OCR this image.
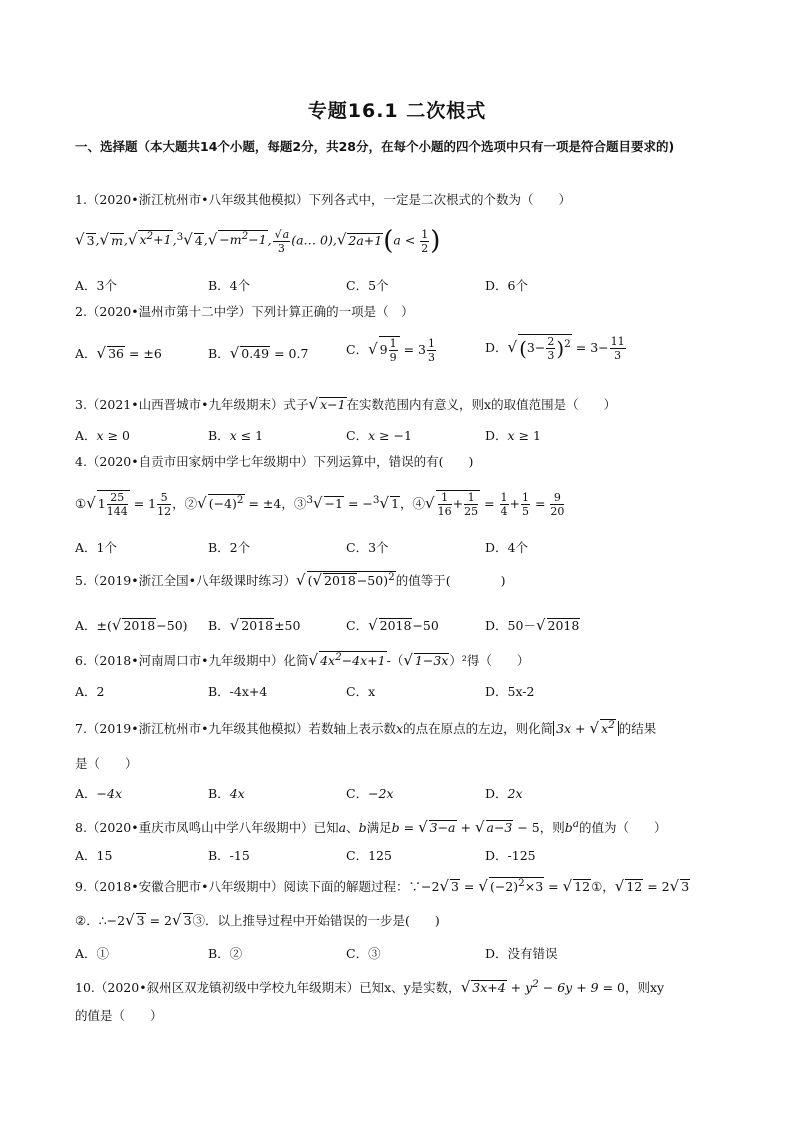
专题16.1 二次根式
一、选择题（本大题共14个小题，每题2分，共28分，在每个小题的四个选项中只有一项是符合题目要求的)
1.（2020•浙江杭州市•八年级其他模拟）下列各式中，一定是二次根式的个数为（　　）
√ 3,√ m,√ $x^2+1,^3√$ $4,√ -m^2-1$, $\frac{√a}{3}$ (a… 0),√ $2a+1(a < \frac{1}{2}$ )
A．3个	B．4个	C．5个	D．6个
2.（2020•温州市第十二中学）下列计算正确的一项是（　）
A．√ 36 = ±6	B．√ 0.49 = 0.7	C．√ $9 \frac{1}{9} = 3 \frac{1}{3}$	D．√ $(3- \frac{2}{3} )^2 = 3- \frac{11}{3}$
3.（2021•山西晋城市•九年级期末）式子√ x−1在实数范围内有意义，则x的取值范围是（　　）
A．x ≥ 0	B．x ≤ 1	C．x ≥ −1	D．x ≥ 1
4.（2020•自贡市田家炳中学七年级期中）下列运算中，错误的有(　　)
①√ $1 \frac{25}{144} = 1 \frac{5}{12}$ ，②√ $(-4)^2 = \pm 4$，③$^3$√ −1 = −$^3$√ 1，④√ $\frac{1}{16} + \frac{1}{25} = \frac{1}{4} + \frac{1}{5} = \frac{9}{20}$
A．1个	B．2个	C．3个	D．4个
5.（2019•浙江全国•八年级课时练习）√ (√ 2018−50)$^2$的值等于(　　　　)
A．±(√ 2018−50) B．√ 2018±50	C．√ 2018−50	D．50－√ 2018
6.（2018•河南周口市•九年级期中）化简√ $4x^2-4x+1-(√$ 1−3x）²得（　　）
A．2	B．-4x+4	C．x	D．5x-2
7.（2019•浙江杭州市•九年级其他模拟）若数轴上表示数x的点在原点的左边，则化简 3x + √ $x^2$ 的结果
是（　　）
A．−4x	B．4x	C．−2x	D．2x
8.（2020•重庆市凤鸣山中学八年级期中）已知a、b满足b = √ 3−a + √ a−3 − 5，则$b^a$的值为（　　）
A．15	B．-15	C．125	D．-125
9.（2018•安徽合肥市•八年级期中）阅读下面的解题过程：∵−2√ 3 = √ $(-2)^2\times 3$ = √ 12①，√ 12 = 2√ 3
②．∴−2√ 3 = 2√ 3③．以上推导过程中开始错误的一步是(　　)
A．①	B．②	C．③	D．没有错误
10.（2020•叙州区双龙镇初级中学校九年级期末）已知x、y是实数，√ $3x+4 + y^2 - 6y + 9 = 0$，则xy
的值是（　　）
